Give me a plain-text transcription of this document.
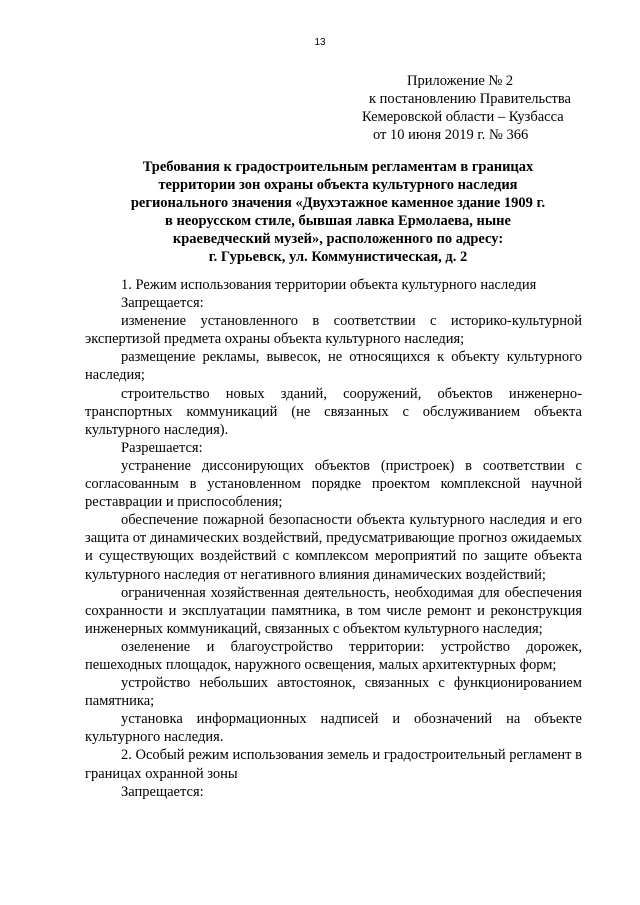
13
Приложение № 2
к постановлению Правительства
Кемеровской области – Кузбасса
от 10 июня 2019 г. № 366
Требования к градостроительным регламентам в границах
территории зон охраны объекта культурного наследия
регионального значения «Двухэтажное каменное здание 1909 г.
в неорусском стиле, бывшая лавка Ермолаева, ныне
краеведческий музей», расположенного по адресу:
г. Гурьевск, ул. Коммунистическая, д. 2

1. Режим использования территории объекта культурного наследия

Запрещается:

изменение установленного в соответствии с историко-культурной экспертизой предмета охраны объекта культурного наследия;

размещение рекламы, вывесок, не относящихся к объекту культурного наследия;

строительство новых зданий, сооружений, объектов инженерно-транспортных коммуникаций (не связанных с обслуживанием объекта культурного наследия).

Разрешается:

устранение диссонирующих объектов (пристроек) в соответствии с согласованным в установленном порядке проектом комплексной научной реставрации и приспособления;

обеспечение пожарной безопасности объекта культурного наследия и его защита от динамических воздействий, предусматривающие прогноз ожидаемых и существующих воздействий с комплексом мероприятий по защите объекта культурного наследия от негативного влияния динамических воздействий;

ограниченная хозяйственная деятельность, необходимая для обеспечения сохранности и эксплуатации памятника, в том числе ремонт и реконструкция инженерных коммуникаций, связанных с объектом культурного наследия;

озеленение и благоустройство территории: устройство дорожек, пешеходных площадок, наружного освещения, малых архитектурных форм;

устройство небольших автостоянок, связанных с функционированием памятника;

установка информационных надписей и обозначений на объекте культурного наследия.

2. Особый режим использования земель и градостроительный регламент в границах охранной зоны

Запрещается:
